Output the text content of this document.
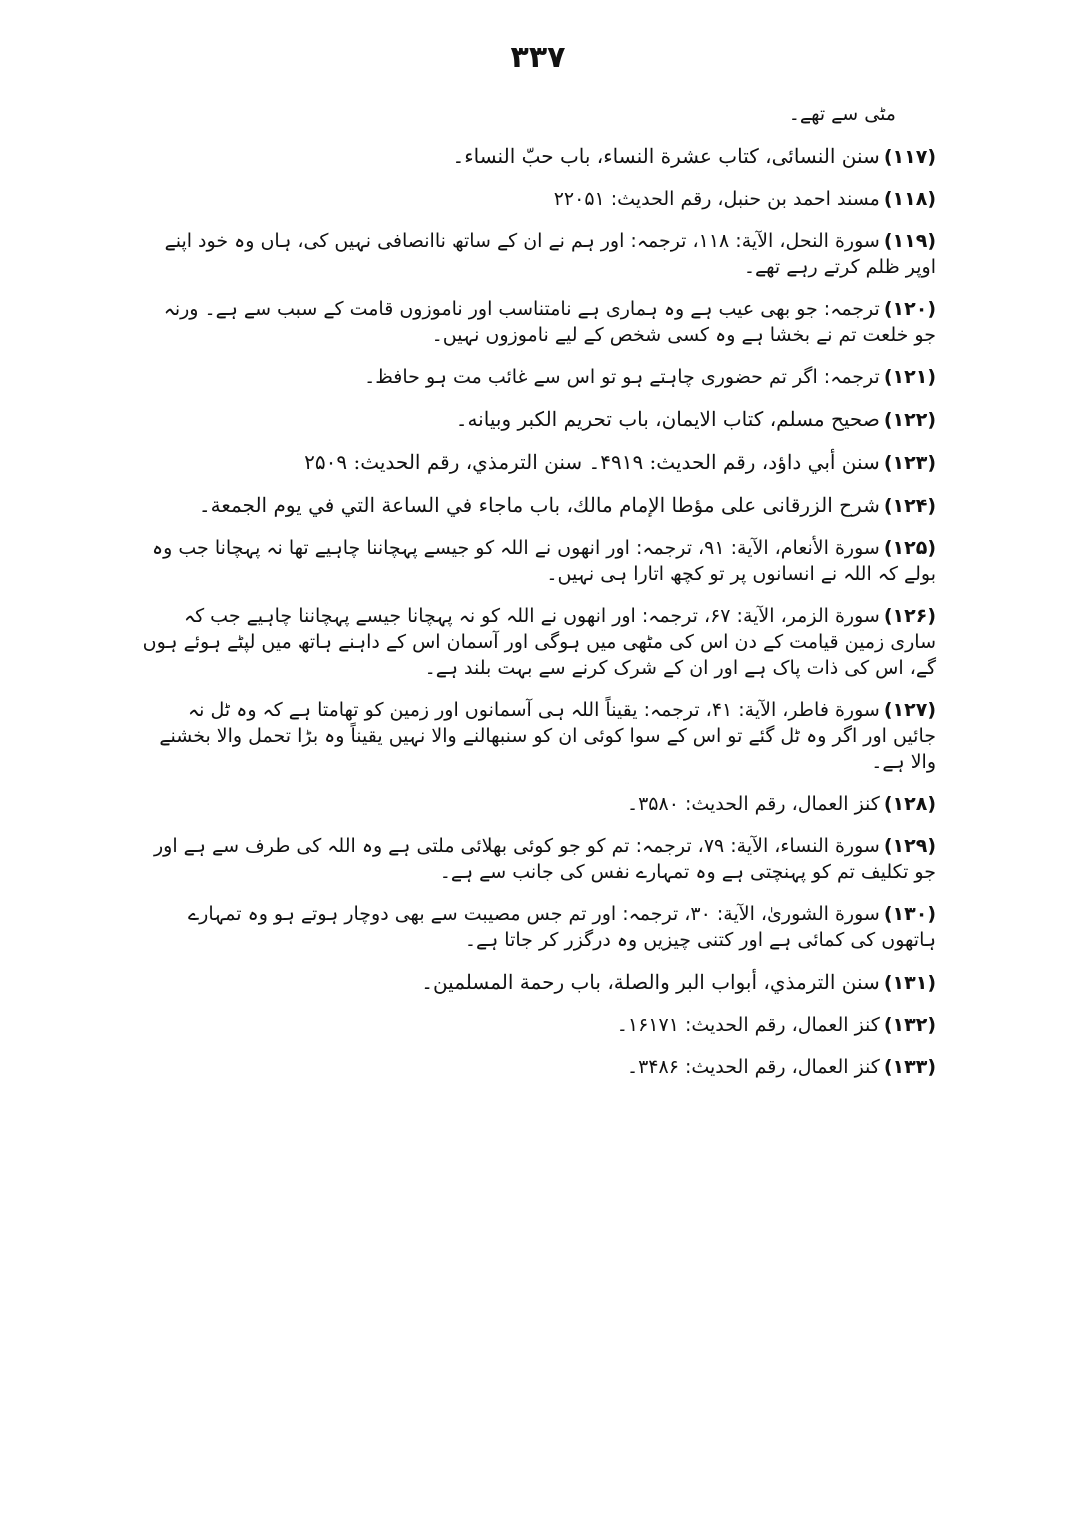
۳۳۷

مٹی سے تھے۔

(۱۱۷)سنن النسائی، کتاب عشرة النساء، باب حبّ النساء۔

(۱۱۸)مسند احمد بن حنبل، رقم الحدیث: ۲۲۰۵۱

(۱۱۹)سورة النحل، الآیة: ۱۱۸، ترجمہ: اور ہم نے ان کے ساتھ ناانصافی نہیں کی، ہاں وہ خود اپنے اوپر ظلم کرتے رہے تھے۔

(۱۲۰)ترجمہ: جو بھی عیب ہے وہ ہماری ہے نامتناسب اور ناموزوں قامت کے سبب سے ہے۔ ورنہ جو خلعت تم نے بخشا ہے وہ کسی شخص کے لیے ناموزوں نہیں۔

(۱۲۱)ترجمہ: اگر تم حضوری چاہتے ہو تو اس سے غائب مت ہو حافظ۔

(۱۲۲)صحیح مسلم، کتاب الایمان، باب تحریم الکبر وبیانه۔

(۱۲۳)سنن أبي داؤد، رقم الحديث: ۴۹۱۹۔ سنن الترمذي، رقم الحديث: ۲۵۰۹

(۱۲۴)شرح الزرقانی علی مؤطا الإمام مالك، باب ماجاء في الساعة التي في يوم الجمعة۔

(۱۲۵)سورة الأنعام، الآیة: ۹۱، ترجمہ: اور انھوں نے اللہ کو جیسے پہچاننا چاہیے تھا نہ پہچانا جب وہ بولے کہ اللہ نے انسانوں پر تو کچھ اتارا ہی نہیں۔

(۱۲۶)سورة الزمر، الآیة: ۶۷، ترجمہ: اور انھوں نے اللہ کو نہ پہچانا جیسے پہچاننا چاہیے جب کہ ساری زمین قیامت کے دن اس کی مٹھی میں ہوگی اور آسمان اس کے داہنے ہاتھ میں لپٹے ہوئے ہوں گے، اس کی ذات پاک ہے اور ان کے شرک کرنے سے بہت بلند ہے۔

(۱۲۷)سورة فاطر، الآیة: ۴۱، ترجمہ: یقیناً اللہ ہی آسمانوں اور زمین کو تھامتا ہے کہ وہ ٹل نہ جائیں اور اگر وہ ٹل گئے تو اس کے سوا کوئی ان کو سنبھالنے والا نہیں یقیناً وہ بڑا تحمل والا بخشنے والا ہے۔

(۱۲۸)کنز العمال، رقم الحدیث: ۳۵۸۰۔

(۱۲۹)سورة النساء، الآیة: ۷۹، ترجمہ: تم کو جو کوئی بھلائی ملتی ہے وہ اللہ کی طرف سے ہے اور جو تکلیف تم کو پہنچتی ہے وہ تمہارے نفس کی جانب سے ہے۔

(۱۳۰)سورة الشوریٰ، الآیة: ۳۰، ترجمہ: اور تم جس مصیبت سے بھی دوچار ہوتے ہو وہ تمہارے ہاتھوں کی کمائی ہے اور کتنی چیزیں وہ درگزر کر جاتا ہے۔

(۱۳۱)سنن الترمذي، أبواب البر والصلة، باب رحمة المسلمين۔

(۱۳۲)کنز العمال، رقم الحدیث: ۱۶۱۷۱۔

(۱۳۳)کنز العمال، رقم الحدیث: ۳۴۸۶۔
